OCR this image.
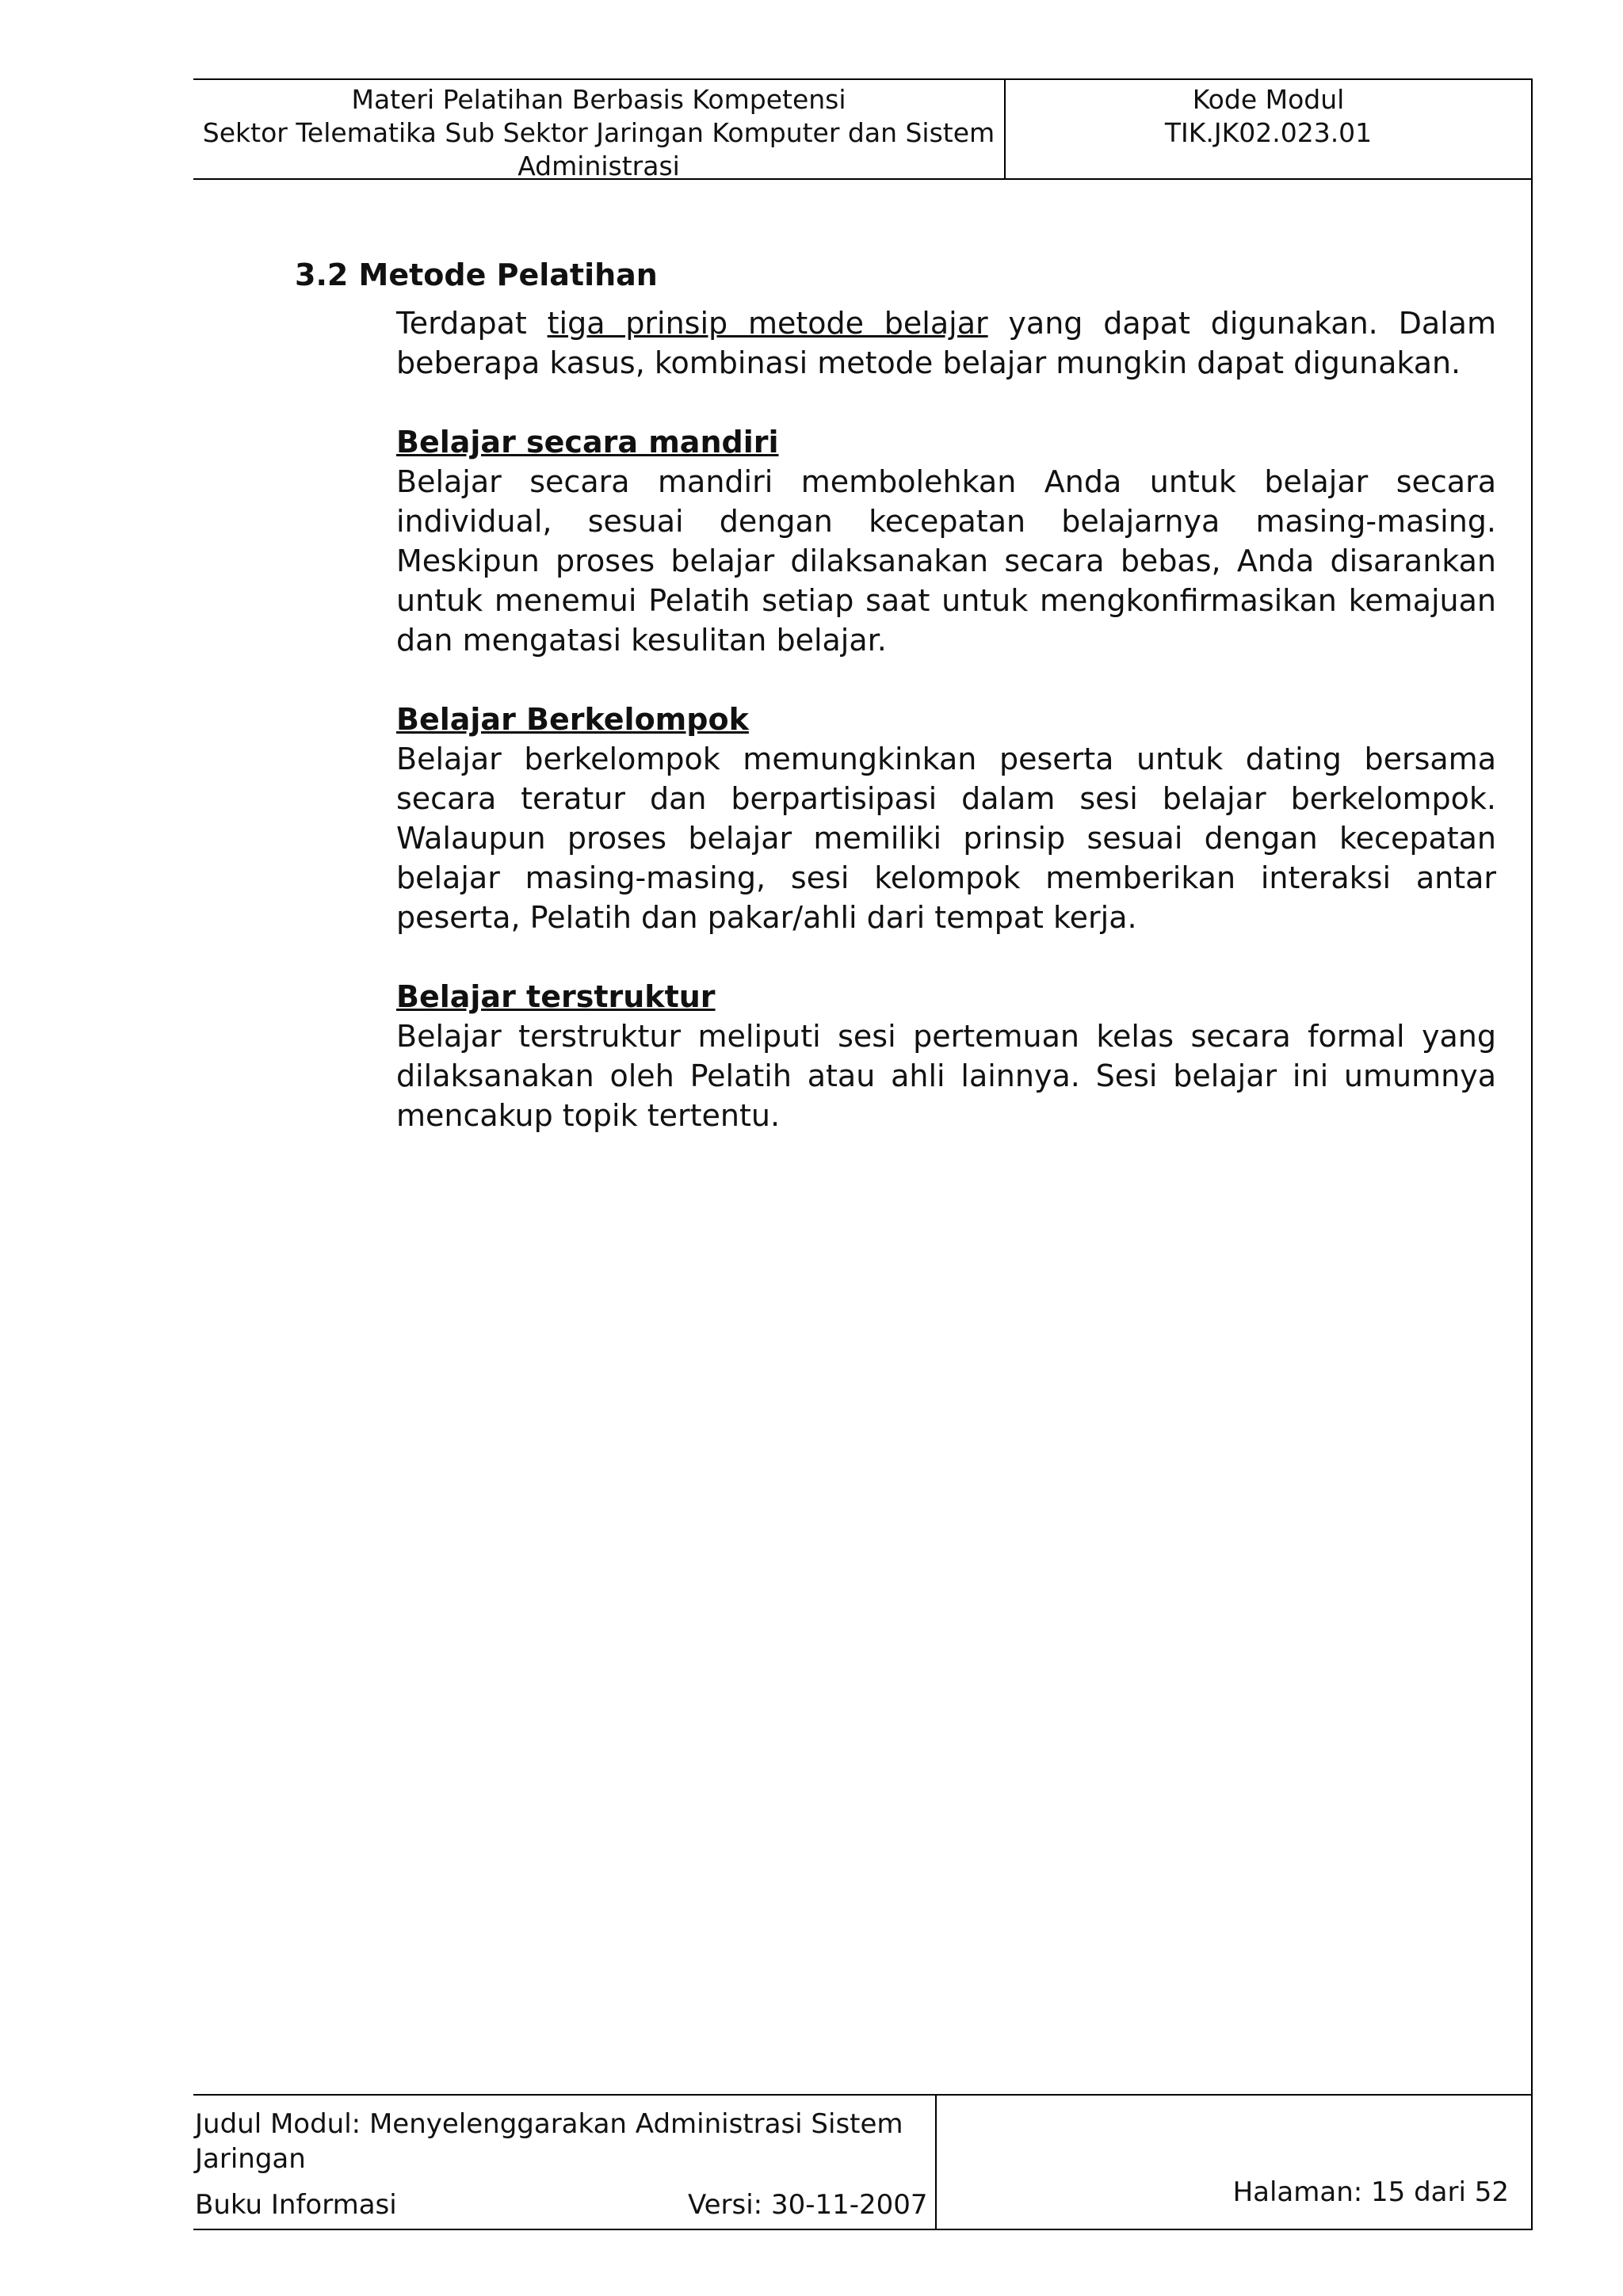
Materi Pelatihan Berbasis Kompetensi
Sektor Telematika Sub Sektor Jaringan Komputer dan Sistem
Administrasi
Kode Modul
TIK.JK02.023.01
3.2 Metode Pelatihan

Terdapat tiga prinsip metode belajar yang dapat digunakan. Dalam beberapa kasus, kombinasi metode belajar mungkin dapat digunakan.

Belajar secara mandiri

Belajar secara mandiri membolehkan Anda untuk belajar secara individual, sesuai dengan kecepatan belajarnya masing-masing. Meskipun proses belajar dilaksanakan secara bebas, Anda disarankan untuk menemui Pelatih setiap saat untuk mengkonfirmasikan kemajuan dan mengatasi kesulitan belajar.

Belajar Berkelompok

Belajar berkelompok memungkinkan peserta untuk dating bersama secara teratur dan berpartisipasi dalam sesi belajar berkelompok. Walaupun proses belajar memiliki prinsip sesuai dengan kecepatan belajar masing-masing, sesi kelompok memberikan interaksi antar peserta, Pelatih dan pakar/ahli dari tempat kerja.

Belajar terstruktur

Belajar terstruktur meliputi sesi pertemuan kelas secara formal yang dilaksanakan oleh Pelatih atau ahli lainnya. Sesi belajar ini umumnya mencakup topik tertentu.

Judul Modul: Menyelenggarakan Administrasi Sistem Jaringan
Buku Informasi	Versi: 30-11-2007	Halaman: 15 dari 52
